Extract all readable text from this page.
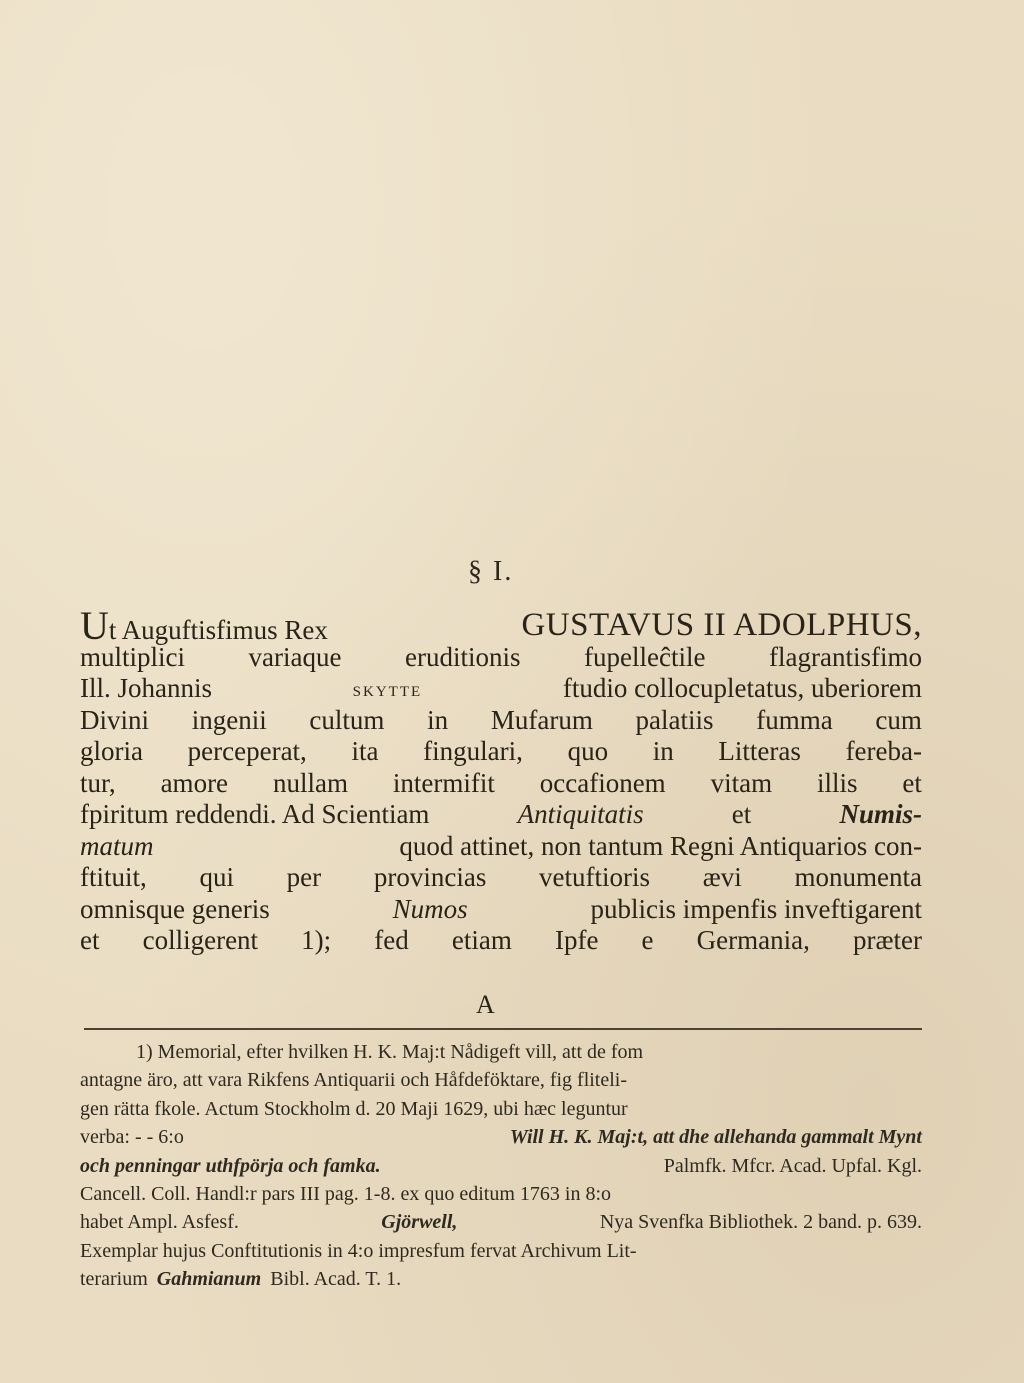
§ I.
Ut Auguftisfimus Rex	GUSTAVUS II ADOLPHUS,
multiplici variaque eruditionis fupelleĉtile flagrantisfimo
Ill. Johannis	skytte	ftudio collocupletatus, uberiorem
Divini ingenii cultum in Mufarum palatiis fumma cum
gloria perceperat, ita fingulari, quo in Litteras fereba-
tur, amore nullam intermifit occafionem vitam illis et
fpiritum reddendi. Ad Scientiam	Antiquitatis	et	Numis-
matum	quod attinet, non tantum Regni Antiquarios con-
ftituit, qui per provincias vetuftioris ævi monumenta
omnisque generis	Numos	publicis impenfis inveftigarent
et colligerent 1); fed etiam Ipfe e Germania, præter
A
1) Memorial, efter hvilken H. K. Maj:t Nådigeft vill, att de fom
antagne äro, att vara Rikfens Antiquarii och Håfdeföktare, fig fliteli-
gen rätta fkole. Actum Stockholm d. 20 Maji 1629, ubi hæc leguntur
verba: - - 6:o	Will H. K. Maj:t, att dhe allehanda gammalt Mynt
och penningar uthfpörja och famka.	Palmfk. Mfcr. Acad. Upfal. Kgl.
Cancell. Coll. Handl:r pars III pag. 1-8. ex quo editum 1763 in 8:o
habet Ampl. Asfesf.	Gjörwell,	Nya Svenfka Bibliothek. 2 band. p. 639.
Exemplar hujus Conftitutionis in 4:o impresfum fervat Archivum Lit-
terarium Gahmianum Bibl. Acad. T. 1.
